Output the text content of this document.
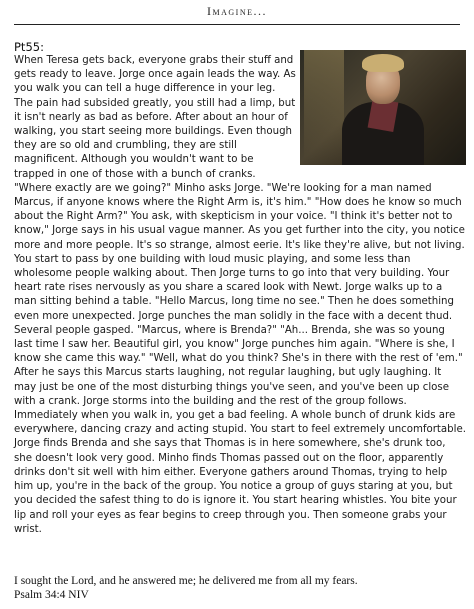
Imagine...
Pt55:
When Teresa gets back, everyone grabs their stuff and gets ready to leave. Jorge once again leads the way. As you walk you can tell a huge difference in your leg. The pain had subsided greatly, you still had a limp, but it isn't nearly as bad as before. After about an hour of walking, you start seeing more buildings. Even though they are so old and crumbling, they are still magnificent. Although you wouldn't want to be trapped in one of those with a bunch of cranks. "Where exactly are we going?" Minho asks Jorge. "We're looking for a man named Marcus, if anyone knows where the Right Arm is, it's him." "How does he know so much about the Right Arm?" You ask, with skepticism in your voice. "I think it's better not to know," Jorge says in his usual vague manner. As you get further into the city, you notice more and more people. It's so strange, almost eerie. It's like they're alive, but not living. You start to pass by one building with loud music playing, and some less than wholesome people walking about. Then Jorge turns to go into that very building. Your heart rate rises nervously as you share a scared look with Newt. Jorge walks up to a man sitting behind a table. "Hello Marcus, long time no see." Then he does something even more unexpected. Jorge punches the man solidly in the face with a decent thud. Several people gasped. "Marcus, where is Brenda?" "Ah... Brenda, she was so young last time I saw her. Beautiful girl, you know" Jorge punches him again. "Where is she, I know she came this way." "Well, what do you think? She's in there with the rest of 'em." After he says this Marcus starts laughing, not regular laughing, but ugly laughing. It may just be one of the most disturbing things you've seen, and you've been up close with a crank. Jorge storms into the building and the rest of the group follows. Immediately when you walk in, you get a bad feeling. A whole bunch of drunk kids are everywhere, dancing crazy and acting stupid. You start to feel extremely uncomfortable. Jorge finds Brenda and she says that Thomas is in here somewhere, she's drunk too, she doesn't look very good. Minho finds Thomas passed out on the floor, apparently drinks don't sit well with him either. Everyone gathers around Thomas, trying to help him up, you're in the back of the group. You notice a group of guys staring at you, but you decided the safest thing to do is ignore it. You start hearing whistles. You bite your lip and roll your eyes as fear begins to creep through you. Then someone grabs your wrist.
I sought the Lord, and he answered me; he delivered me from all my fears.
Psalm 34:4 NIV
